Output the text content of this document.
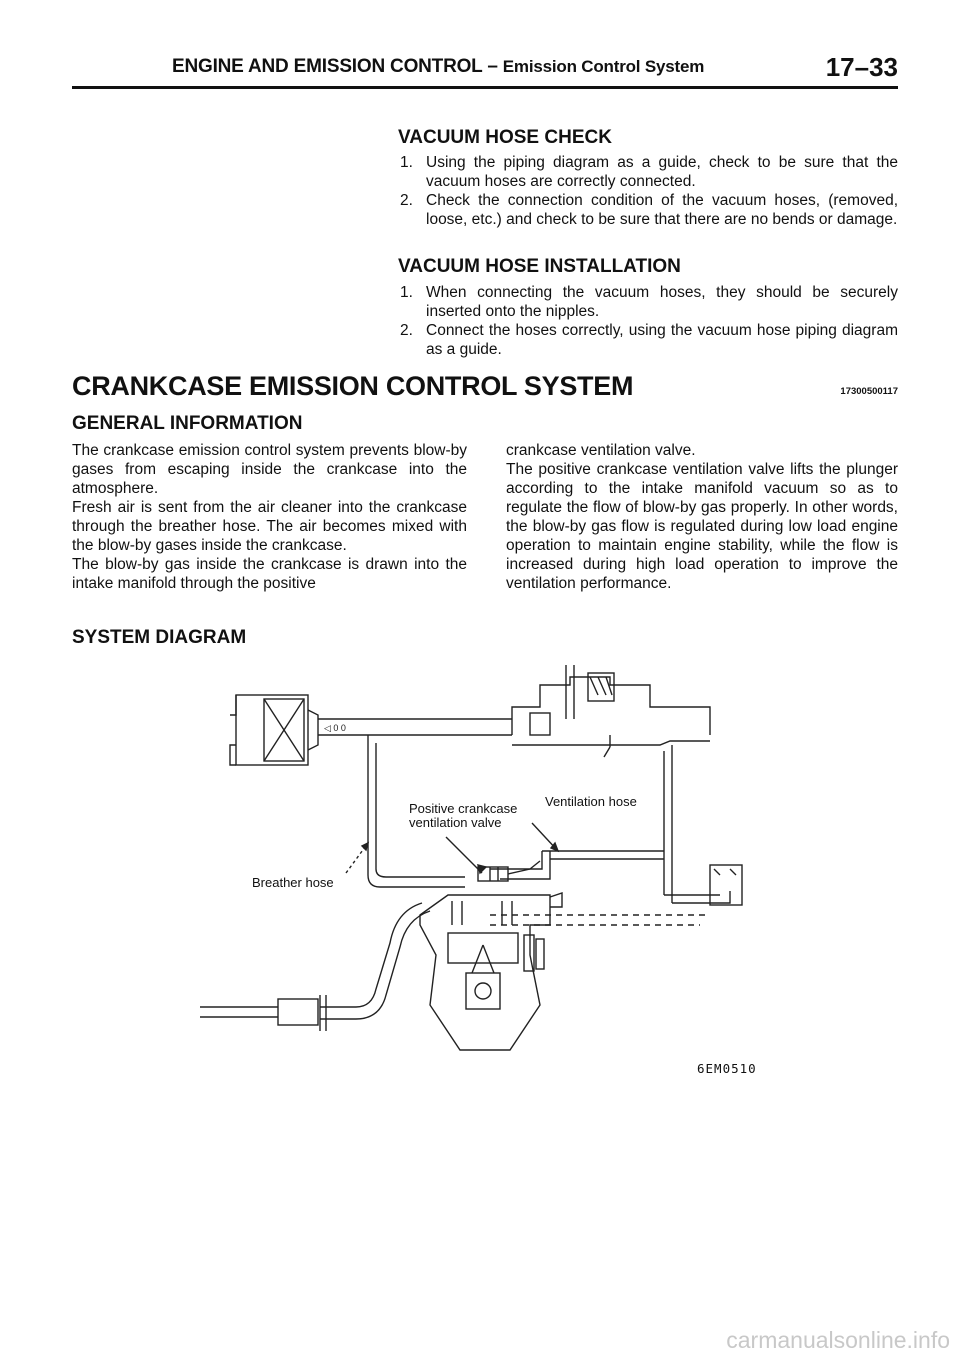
ENGINE AND EMISSION CONTROL – Emission Control System	17–33
VACUUM HOSE CHECK
1. Using the piping diagram as a guide, check to be sure that the vacuum hoses are correctly connected.
2. Check the connection condition of the vacuum hoses, (removed, loose, etc.) and check to be sure that there are no bends or damage.
VACUUM HOSE INSTALLATION
1. When connecting the vacuum hoses, they should be securely inserted onto the nipples.
2. Connect the hoses correctly, using the vacuum hose piping diagram as a guide.
CRANKCASE EMISSION CONTROL SYSTEM	17300500117
GENERAL INFORMATION

The crankcase emission control system prevents blow-by gases from escaping inside the crankcase into the atmosphere.

Fresh air is sent from the air cleaner into the crankcase through the breather hose. The air becomes mixed with the blow-by gases inside the crankcase.

The blow-by gas inside the crankcase is drawn into the intake manifold through the positive

crankcase ventilation valve.

The positive crankcase ventilation valve lifts the plunger according to the intake manifold vacuum so as to regulate the flow of blow-by gas properly. In other words, the blow-by gas flow is regulated during low load engine operation to maintain engine stability, while the flow is increased during high load operation to improve the ventilation performance.

SYSTEM DIAGRAM
◁ 0 0
Positive crankcase
ventilation valve
Ventilation hose
Breather hose
6EM0510
carmanualsonline.info
